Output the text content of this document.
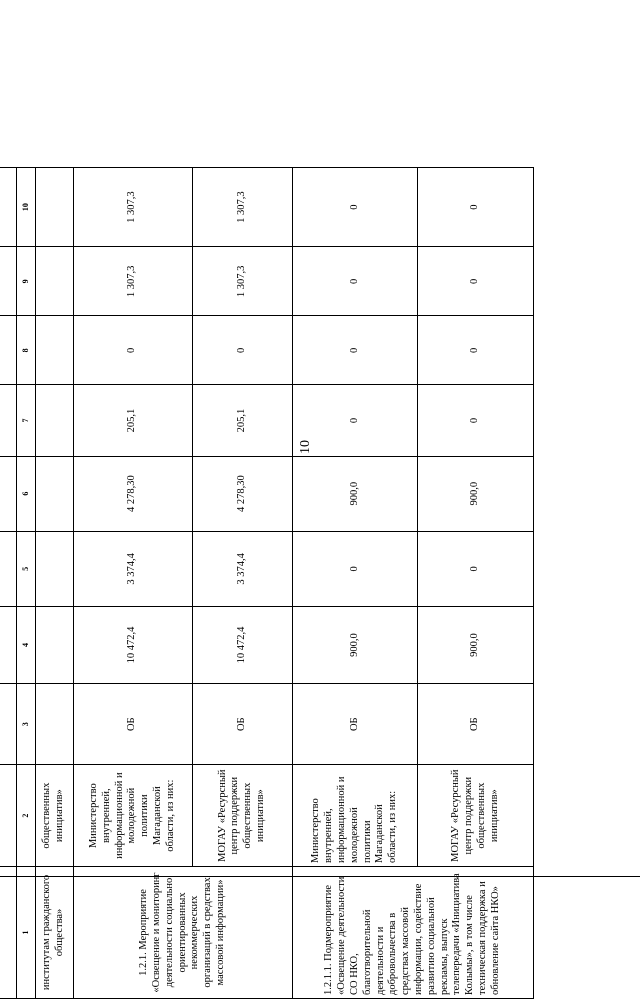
10

1	2	3	4	5	6	7	8	9	10
институтам гражданского общества»	общественных инициатив»								
1.2.1. Мероприятие «Освещение и мониторинг деятельности социально ориентированных некоммерческих организаций в средствах массовой информации»	Министерство внутренней, информационной и молодежной политики Магаданской области, из них:	ОБ	10 472,4	3 374,4	4 278,30	205,1	0	1 307,3	1 307,3
	МОГАУ «Ресурсный центр поддержки общественных инициатив»	ОБ	10 472,4	3 374,4	4 278,30	205,1	0	1 307,3	1 307,3
1.2.1.1. Подмероприятие «Освещение деятельности СО НКО, благотворительной деятельности и добровольчества в средствах массовой информации, содействие развитию социальной рекламы, выпуск телепередачи «Инициатива Колымы», в том числе техническая поддержка и обновление сайта НКО»	Министерство внутренней, информационной и молодежной политики Магаданской области, из них:	ОБ	900,0	0	900,0	0	0	0	0
	МОГАУ «Ресурсный центр поддержки общественных инициатив»	ОБ	900,0	0	900,0	0	0	0	0
